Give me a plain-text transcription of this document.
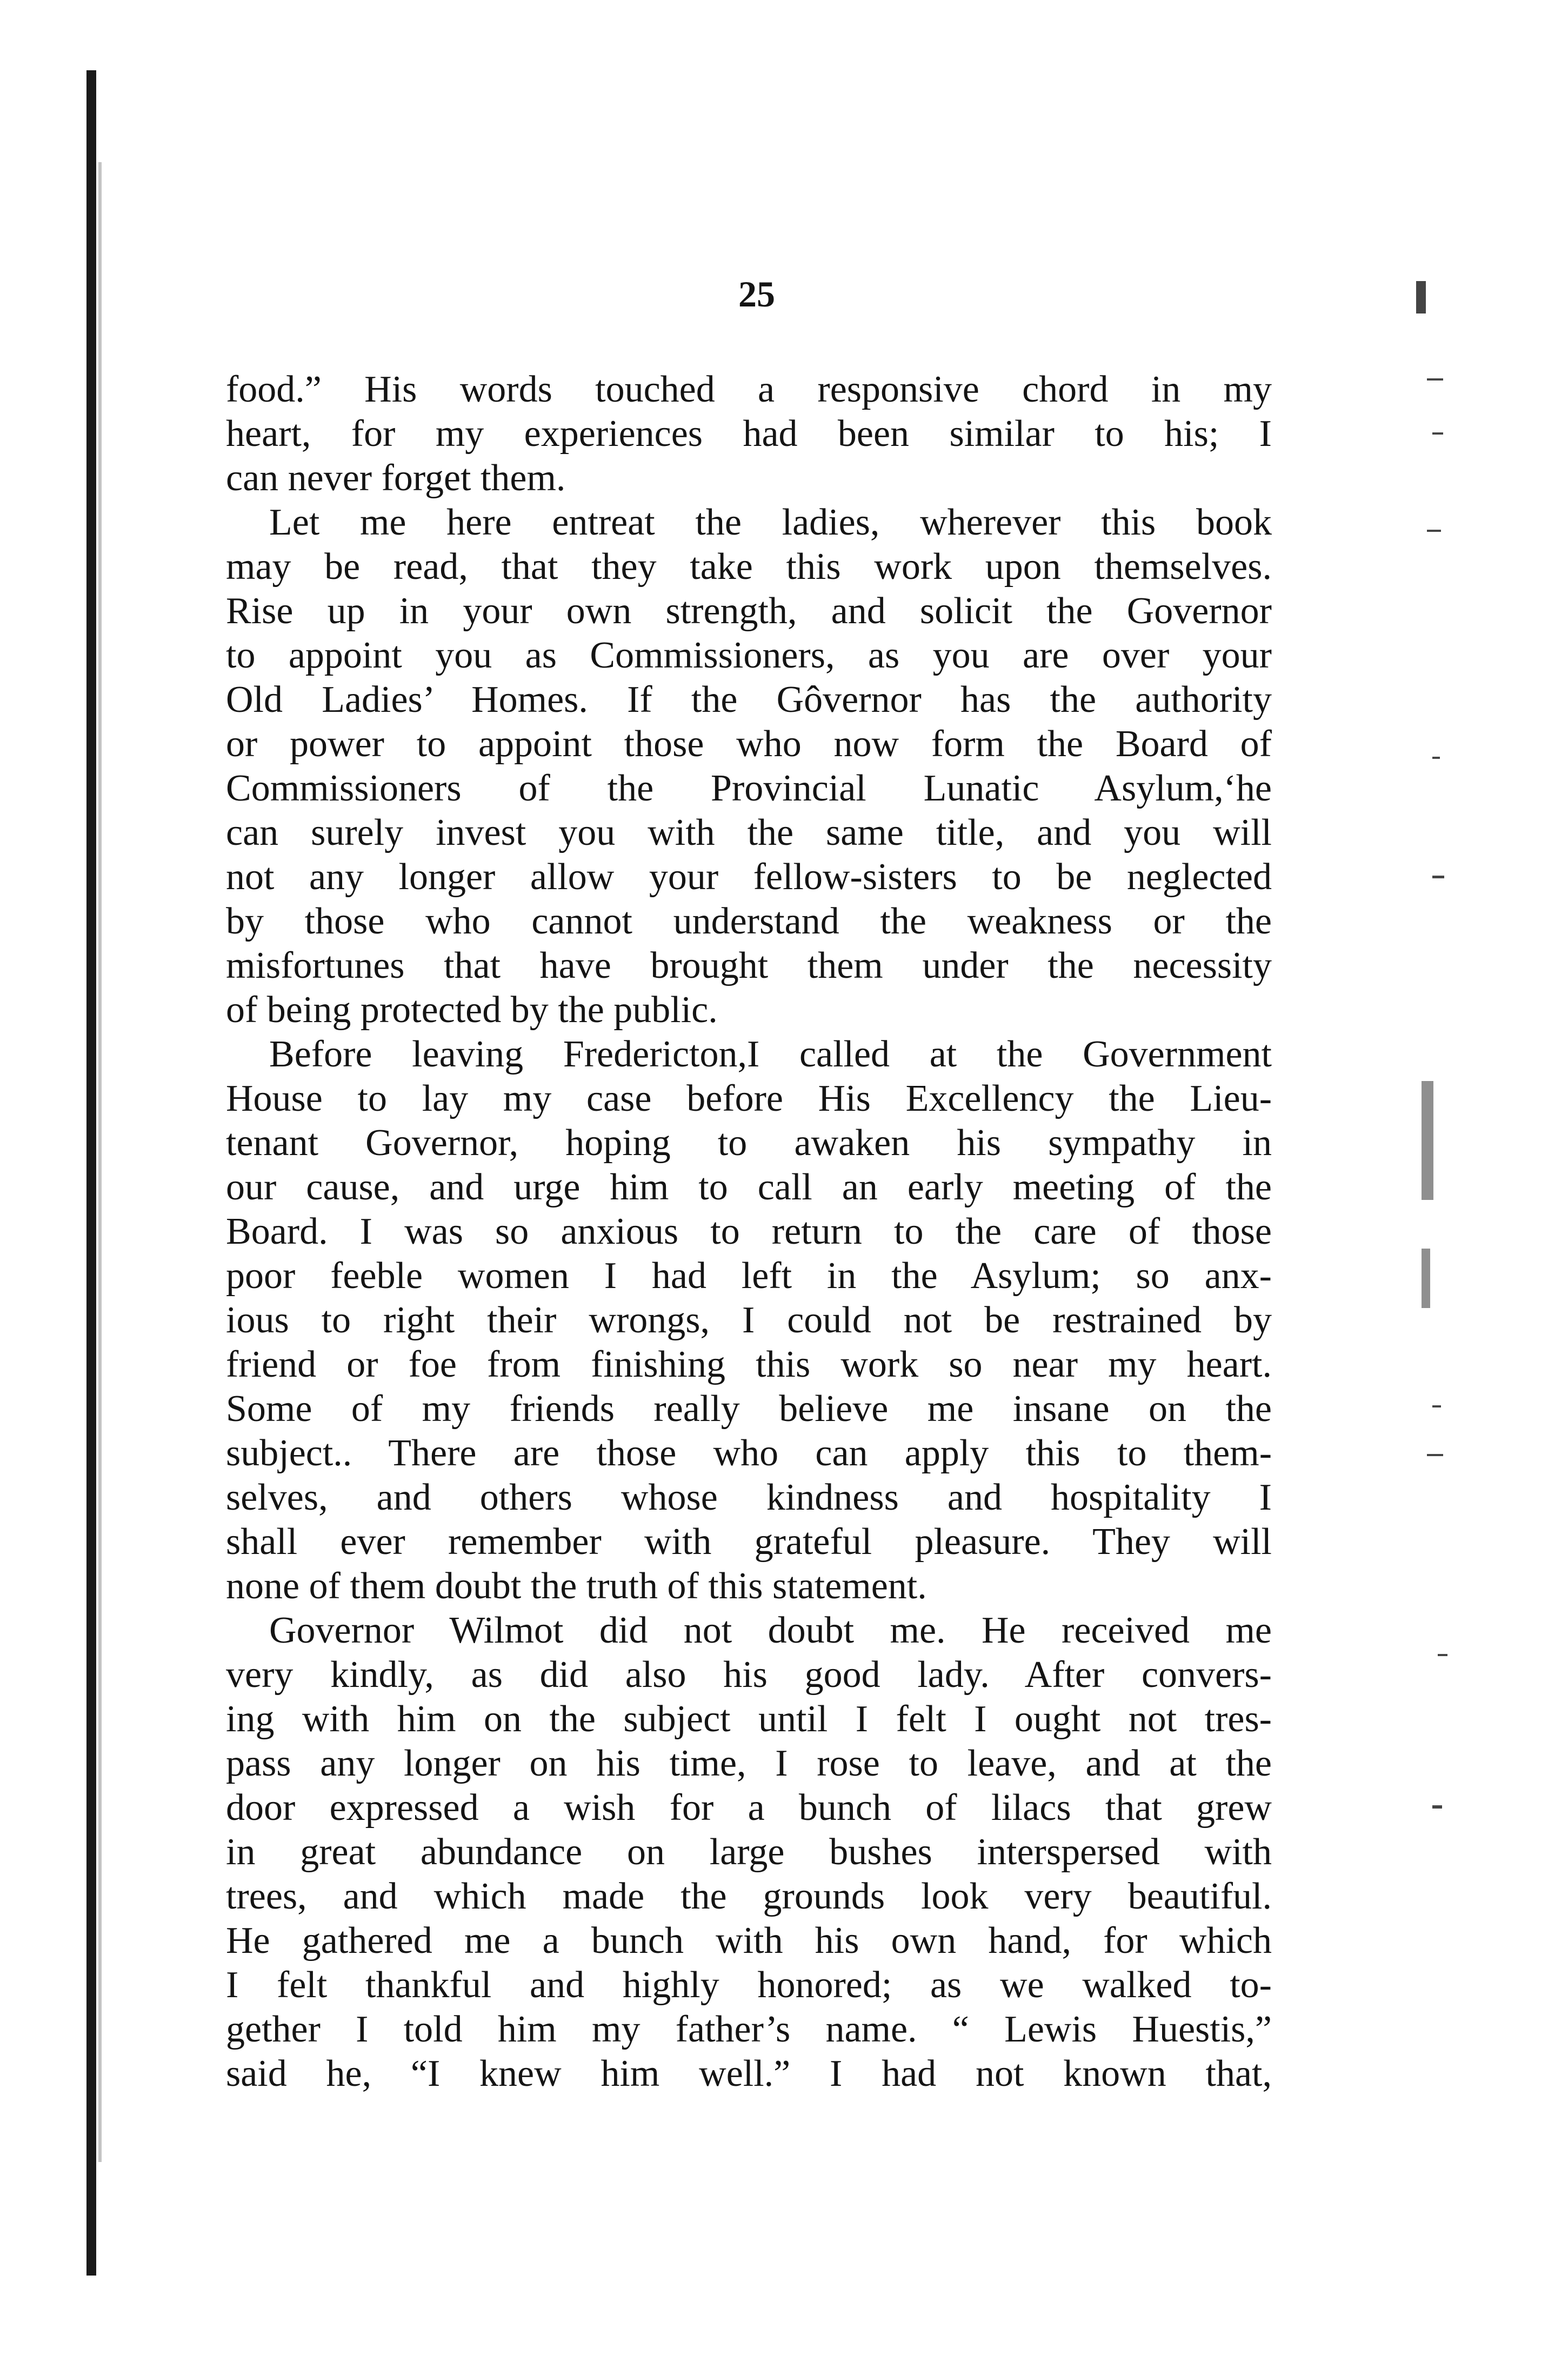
25
food.” His words touched a responsive chord in my
heart, for my experiences had been similar to his; I
can never forget them.
Let me here entreat the ladies, wherever this book
may be read, that they take this work upon themselves.
Rise up in your own strength, and solicit the Governor
to appoint you as Commissioners, as you are over your
Old Ladies’ Homes. If the Gôvernor has the authority
or power to appoint those who now form the Board of
Commissioners of the Provincial Lunatic Asylum,‘he
can surely invest you with the same title, and you will
not any longer allow your fellow-sisters to be neglected
by those who cannot understand the weakness or the
misfortunes that have brought them under the necessity
of being protected by the public.
Before leaving Fredericton,I called at the Government
House to lay my case before His Excellency the Lieu-
tenant Governor, hoping to awaken his sympathy in
our cause, and urge him to call an early meeting of the
Board. I was so anxious to return to the care of those
poor feeble women I had left in the Asylum; so anx-
ious to right their wrongs, I could not be restrained by
friend or foe from finishing this work so near my heart.
Some of my friends really believe me insane on the
subject.. There are those who can apply this to them-
selves, and others whose kindness and hospitality I
shall ever remember with grateful pleasure. They will
none of them doubt the truth of this statement.
Governor Wilmot did not doubt me. He received me
very kindly, as did also his good lady. After convers-
ing with him on the subject until I felt I ought not tres-
pass any longer on his time, I rose to leave, and at the
door expressed a wish for a bunch of lilacs that grew
in great abundance on large bushes interspersed with
trees, and which made the grounds look very beautiful.
He gathered me a bunch with his own hand, for which
I felt thankful and highly honored; as we walked to-
gether I told him my father’s name. “ Lewis Huestis,”
said he, “I knew him well.” I had not known that,
